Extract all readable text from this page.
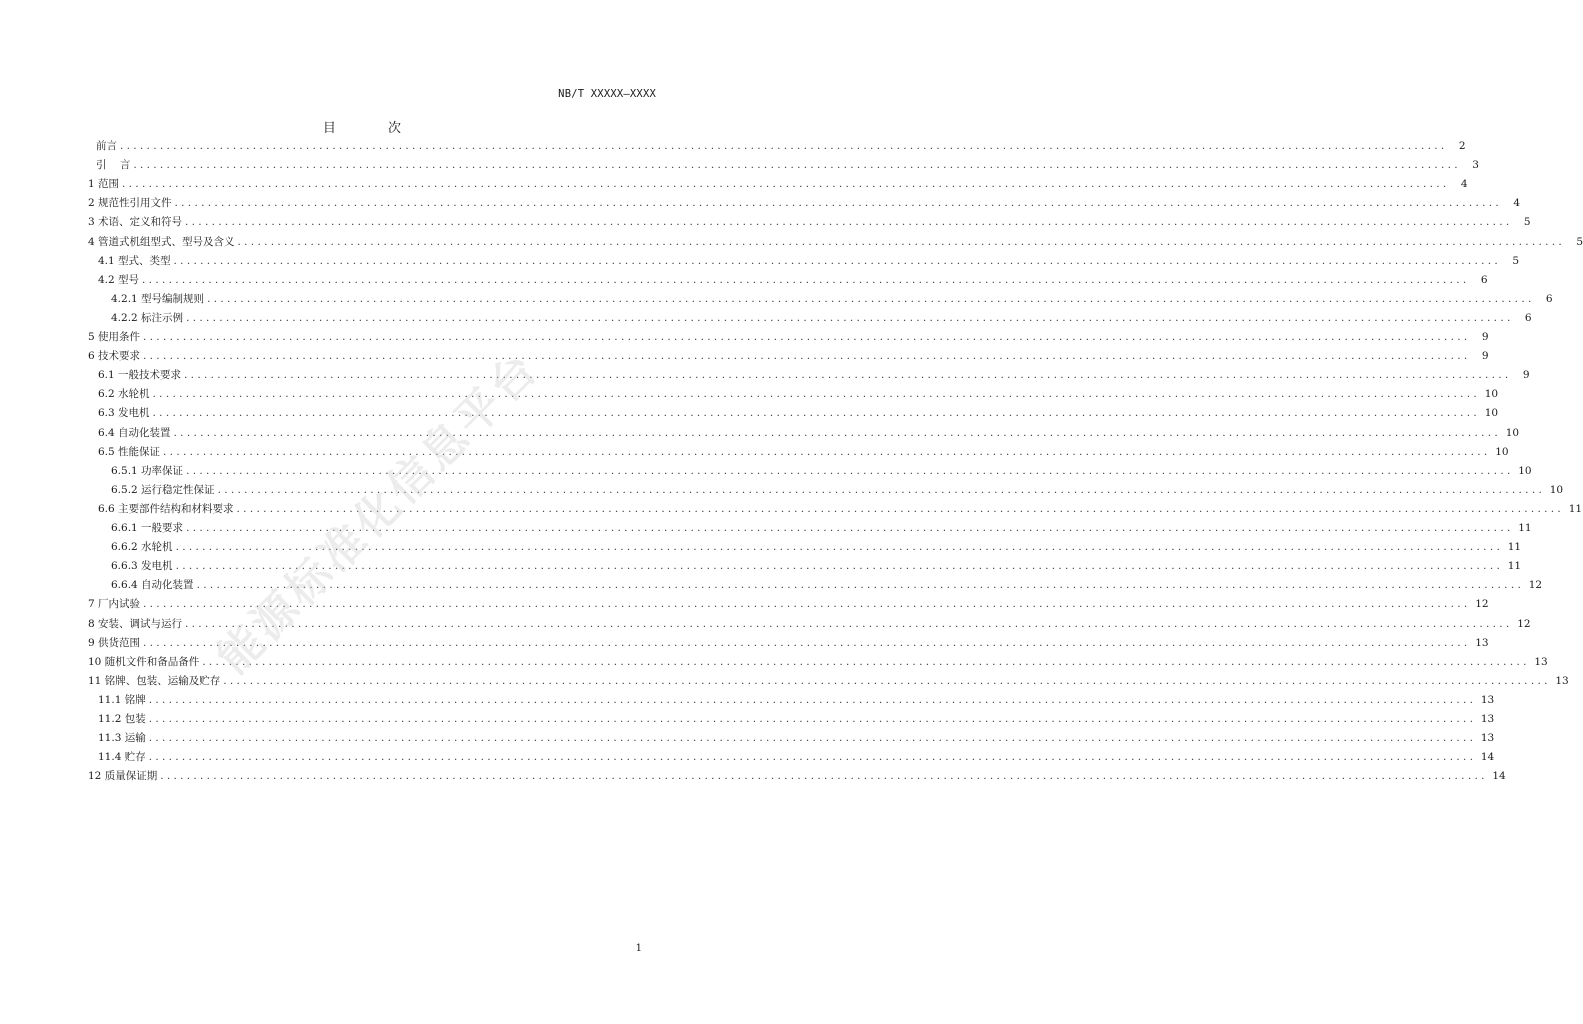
NB/T XXXXX—XXXX
目 次
前言 ........................................................................................................................................................................................................	2
引    言 ........................................................................................................................................................................................................	3
1 范围 ........................................................................................................................................................................................................	4
2 规范性引用文件 ........................................................................................................................................................................................................	4
3 术语、定义和符号 ........................................................................................................................................................................................................	5
4 管道式机组型式、型号及含义 ........................................................................................................................................................................................................	5
4.1 型式、类型 ........................................................................................................................................................................................................	5
4.2 型号 ........................................................................................................................................................................................................	6
4.2.1 型号编制规则 ........................................................................................................................................................................................................	6
4.2.2 标注示例 ........................................................................................................................................................................................................	6
5 使用条件 ........................................................................................................................................................................................................	9
6 技术要求 ........................................................................................................................................................................................................	9
6.1 一般技术要求 ........................................................................................................................................................................................................	9
6.2 水轮机 ........................................................................................................................................................................................................ 10
6.3 发电机 ........................................................................................................................................................................................................ 10
6.4 自动化装置 ........................................................................................................................................................................................................ 10
6.5 性能保证 ........................................................................................................................................................................................................ 10
6.5.1 功率保证 ........................................................................................................................................................................................................ 10
6.5.2 运行稳定性保证 ........................................................................................................................................................................................................ 10
6.6 主要部件结构和材料要求 ........................................................................................................................................................................................................ 11
6.6.1 一般要求 ........................................................................................................................................................................................................ 11
6.6.2 水轮机 ........................................................................................................................................................................................................ 11
6.6.3 发电机 ........................................................................................................................................................................................................ 11
6.6.4 自动化装置 ........................................................................................................................................................................................................ 12
7 厂内试验 ........................................................................................................................................................................................................ 12
8 安装、调试与运行 ........................................................................................................................................................................................................ 12
9 供货范围 ........................................................................................................................................................................................................ 13
10 随机文件和备品备件 ........................................................................................................................................................................................................ 13
11 铭牌、包装、运输及贮存 ........................................................................................................................................................................................................ 13
11.1 铭牌 ........................................................................................................................................................................................................ 13
11.2 包装 ........................................................................................................................................................................................................ 13
11.3 运输 ........................................................................................................................................................................................................ 13
11.4 贮存 ........................................................................................................................................................................................................ 14
12 质量保证期 ........................................................................................................................................................................................................ 14
能源标准化信息平台
1
